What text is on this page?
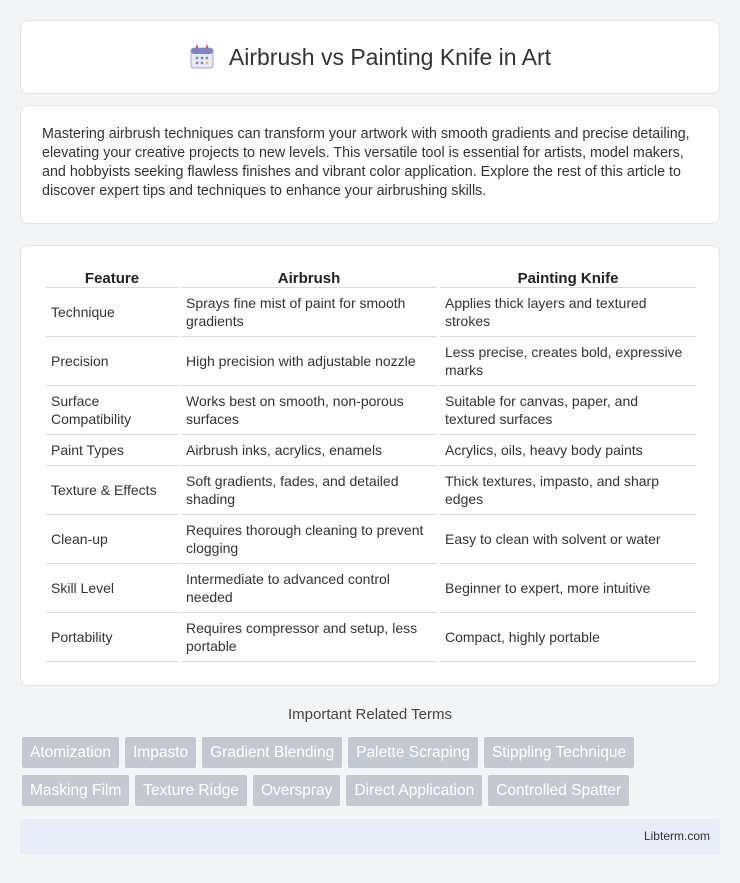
Airbrush vs Painting Knife in Art

Mastering airbrush techniques can transform your artwork with smooth gradients and precise detailing, elevating your creative projects to new levels. This versatile tool is essential for artists, model makers, and hobbyists seeking flawless finishes and vibrant color application. Explore the rest of this article to discover expert tips and techniques to enhance your airbrushing skills.

Feature	Airbrush	Painting Knife
Technique	Sprays fine mist of paint for smooth gradients	Applies thick layers and textured strokes
Precision	High precision with adjustable nozzle	Less precise, creates bold, expressive marks
Surface Compatibility	Works best on smooth, non-porous surfaces	Suitable for canvas, paper, and textured surfaces
Paint Types	Airbrush inks, acrylics, enamels	Acrylics, oils, heavy body paints
Texture & Effects	Soft gradients, fades, and detailed shading	Thick textures, impasto, and sharp edges
Clean-up	Requires thorough cleaning to prevent clogging	Easy to clean with solvent or water
Skill Level	Intermediate to advanced control needed	Beginner to expert, more intuitive
Portability	Requires compressor and setup, less portable	Compact, highly portable
Important Related Terms
Atomization	Impasto	Gradient Blending	Palette Scraping	Stippling Technique
Masking Film	Texture Ridge	Overspray	Direct Application	Controlled Spatter
Libterm.com
